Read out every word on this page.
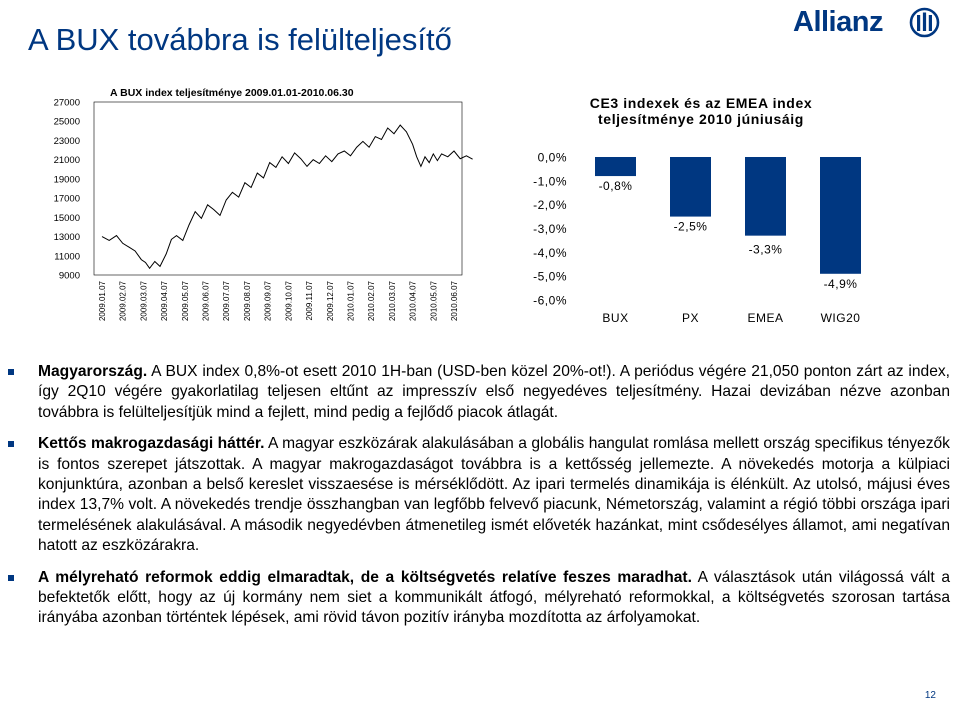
A BUX továbbra is felülteljesítő	Allianz
A BUX index teljesítménye 2009.01.01-2010.06.30
9000
11000
13000
15000
17000
19000
21000
23000
25000
27000
2009.01.07 2009.02.07 2009.03.07 2009.04.07 2009.05.07 2009.06.07 2009.07.07 2009.08.07 2009.09.07 2009.10.07 2009.11.07 2009.12.07 2010.01.07 2010.02.07 2010.03.07 2010.04.07 2010.05.07 2010.06.07
CE3 indexek és az EMEA index
teljesítménye 2010 júniusáig
0,0%
-1,0%
-2,0%
-3,0%
-4,0%
-5,0%
-6,0%
-0,8%
-2,5%
-3,3%
-4,9%
BUX	PX	EMEA	WIG20
Magyarország. A BUX index 0,8%-ot esett 2010 1H-ban (USD-ben közel 20%-ot!). A periódus végére 21,050 ponton zárt az index, így 2Q10 végére gyakorlatilag teljesen eltűnt az impresszív első negyedéves teljesítmény. Hazai devizában nézve azonban továbbra is felülteljesítjük mind a fejlett, mind pedig a fejlődő piacok átlagát.
Kettős makrogazdasági háttér. A magyar eszközárak alakulásában a globális hangulat romlása mellett ország specifikus tényezők is fontos szerepet játszottak. A magyar makrogazdaságot továbbra is a kettősség jellemezte. A növekedés motorja a külpiaci konjunktúra, azonban a belső kereslet visszaesése is mérséklődött. Az ipari termelés dinamikája is élénkült. Az utolsó, májusi éves index 13,7% volt. A növekedés trendje összhangban van legfőbb felvevő piacunk, Németország, valamint a régió többi országa ipari termelésének alakulásával. A második negyedévben átmenetileg ismét előveték hazánkat, mint csődesélyes államot, ami negatívan hatott az eszközárakra.
A mélyreható reformok eddig elmaradtak, de a költségvetés relatíve feszes maradhat. A választások után világossá vált a befektetők előtt, hogy az új kormány nem siet a kommunikált átfogó, mélyreható reformokkal, a költségvetés szorosan tartása irányába azonban történtek lépések, ami rövid távon pozitív irányba mozdította az árfolyamokat.
12
